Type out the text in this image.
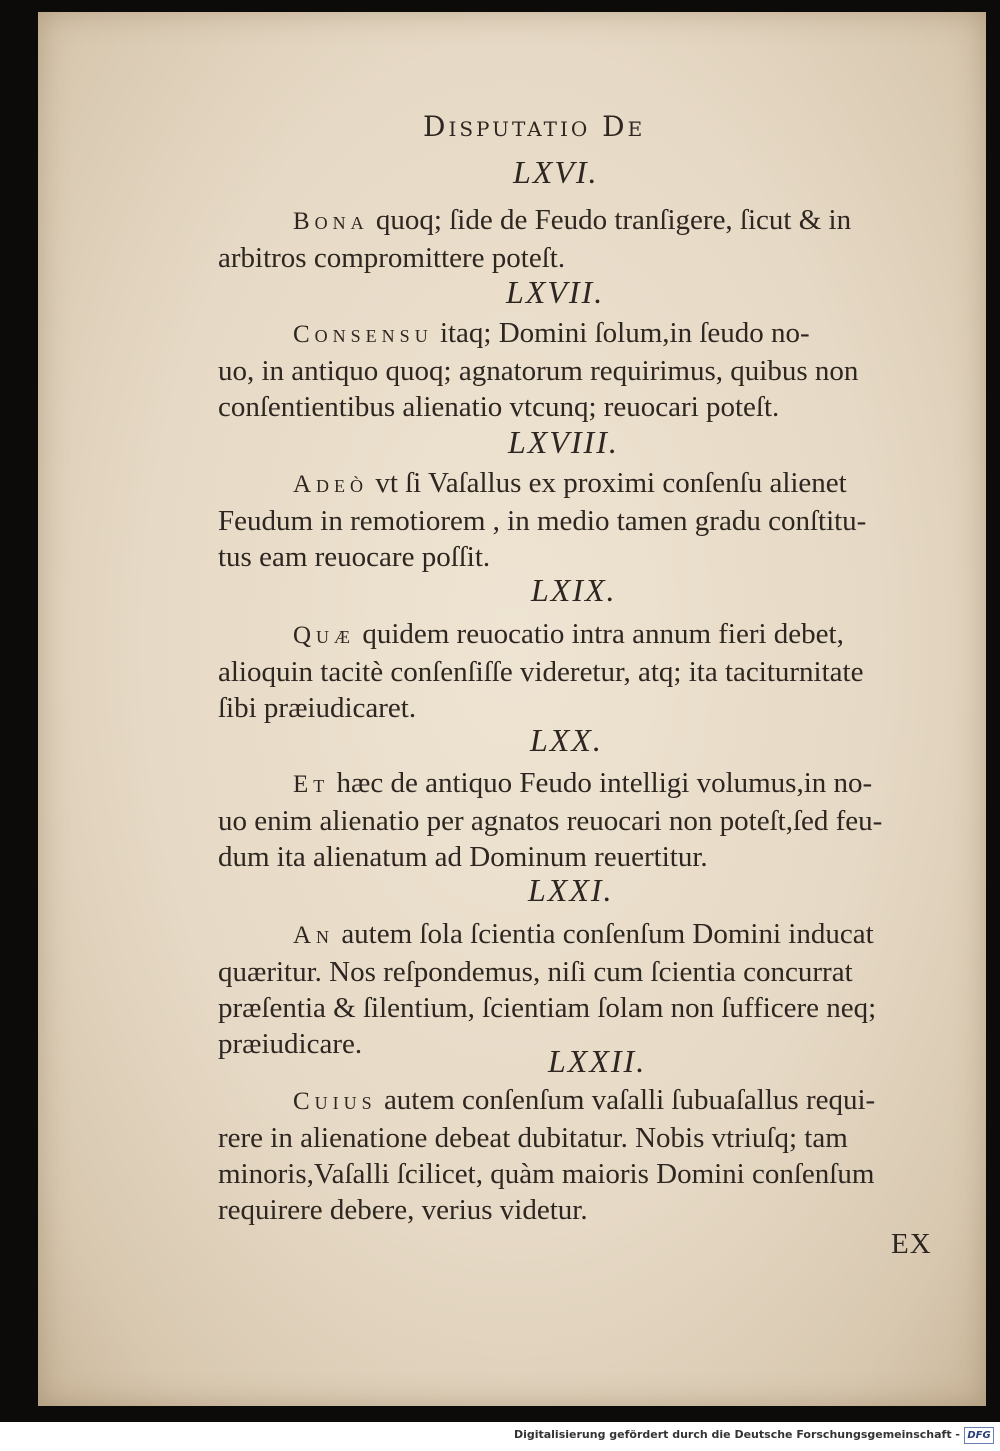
Disputatio De
LXVI.
Bona quoq; ſide de Feudo tranſigere, ſicut & in
arbitros compromittere poteſt.
LXVII.
Consensu itaq; Domini ſolum,in ſeudo no-
uo, in antiquo quoq; agnatorum requirimus, quibus non
conſentientibus alienatio vtcunq; reuocari poteſt.
LXVIII.
Adeò vt ſi Vaſallus ex proximi conſenſu alienet
Feudum in remotiorem , in medio tamen gradu conſtitu-
tus eam reuocare poſſit.
LXIX.
Quæ quidem reuocatio intra annum fieri debet,
alioquin tacitè conſenſiſſe videretur, atq; ita taciturnitate
ſibi præiudicaret.
LXX.
Et hæc de antiquo Feudo intelligi volumus,in no-
uo enim alienatio per agnatos reuocari non poteſt,ſed feu-
dum ita alienatum ad Dominum reuertitur.
LXXI.
An autem ſola ſcientia conſenſum Domini inducat
quæritur. Nos reſpondemus, niſi cum ſcientia concurrat
præſentia & ſilentium, ſcientiam ſolam non ſufficere neq;
præiudicare.	LXXII.
Cuius autem conſenſum vaſalli ſubuaſallus requi-
rere in alienatione debeat dubitatur. Nobis vtriuſq; tam
minoris,Vaſalli ſcilicet, quàm maioris Domini conſenſum
requirere debere, verius videtur.
EX
Digitalisierung gefördert durch die Deutsche Forschungsgemeinschaft - DFG
